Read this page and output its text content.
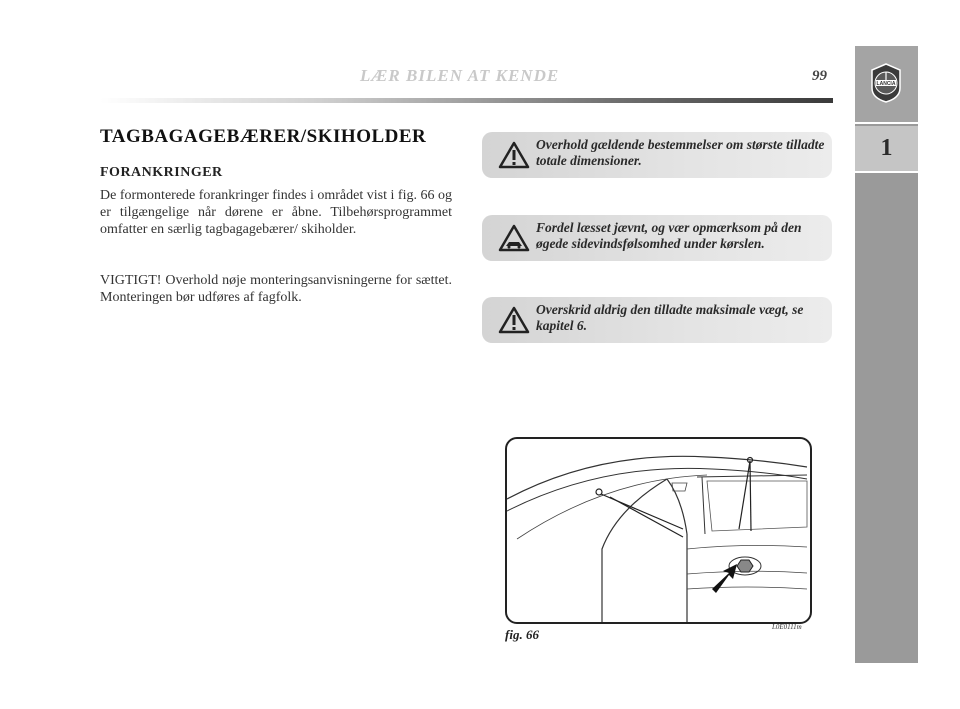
LÆR BILEN AT KENDE	99	LANCIA
1
TAGBAGAGEBÆRER/SKIHOLDER
FORANKRINGER
De formonterede forankringer findes i området vist i fig. 66 og er tilgængelige når dørene er åbne. Tilbehørsprogrammet omfatter en særlig tagbagagebærer/ skiholder.
VIGTIGT! Overhold nøje monteringsanvisningerne for sættet. Monteringen bør udføres af fagfolk.
Overhold gældende bestemmelser om største tilladte totale dimensioner.
Fordel læsset jævnt, og vær opmærksom på den øgede sidevindsfølsomhed under kørslen.
Overskrid aldrig den tilladte maksimale vægt, se kapitel 6.
fig. 66	L0E0111m
